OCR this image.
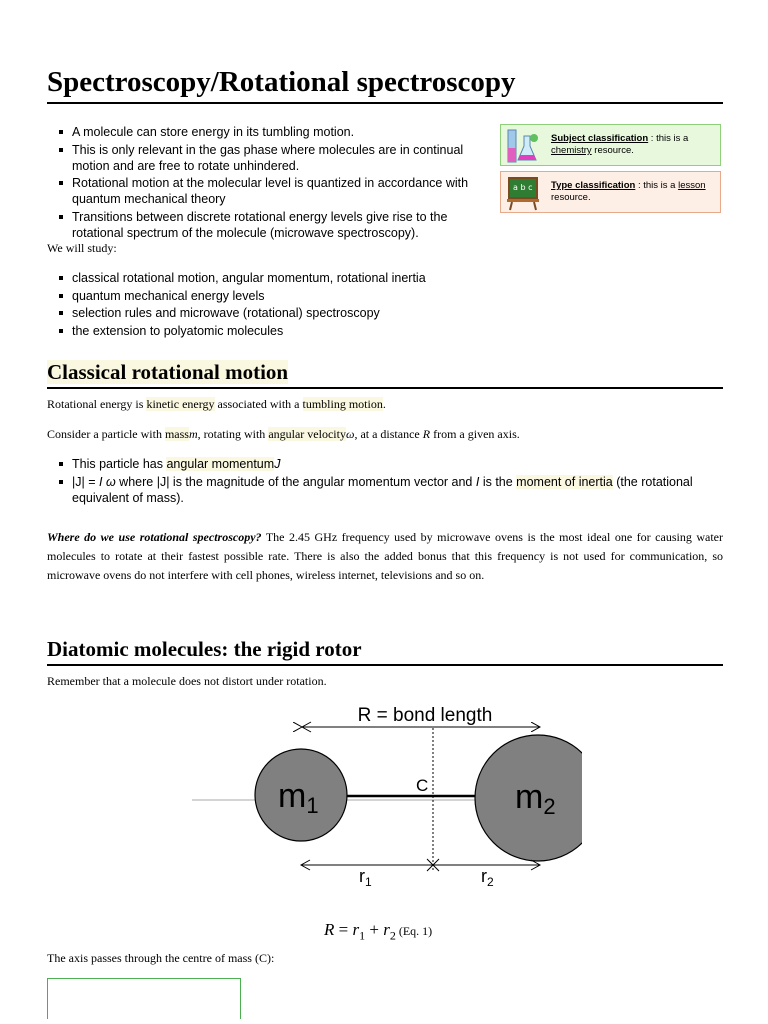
Spectroscopy/Rotational spectroscopy
A molecule can store energy in its tumbling motion.
This is only relevant in the gas phase where molecules are in continual motion and are free to rotate unhindered.
Rotational motion at the molecular level is quantized in accordance with quantum mechanical theory
Transitions between discrete rotational energy levels give rise to the rotational spectrum of the molecule (microwave spectroscopy).
Subject classification : this is a chemistry resource.
a b c Type classification : this is a lesson resource.

We will study:

classical rotational motion, angular momentum, rotational inertia
quantum mechanical energy levels
selection rules and microwave (rotational) spectroscopy
the extension to polyatomic molecules
Classical rotational motion

Rotational energy is kinetic energy associated with a tumbling motion.

Consider a particle with massm, rotating with angular velocityω, at a distance R from a given axis.

This particle has angular momentumJ
|J| = I ω where |J| is the magnitude of the angular momentum vector and I is the moment of inertia (the rotational equivalent of mass).

Where do we use rotational spectroscopy? The 2.45 GHz frequency used by microwave ovens is the most ideal one for causing water molecules to rotate at their fastest possible rate. There is also the added bonus that this frequency is not used for communication, so microwave ovens do not interfere with cell phones, wireless internet, televisions and so on.

Diatomic molecules: the rigid rotor

Remember that a molecule does not distort under rotation.

R = bond length
m1	m2
C
$r_1$	$r_2$
$R = r_1 + r_2$ (Eq. 1)

The axis passes through the centre of mass (C):
